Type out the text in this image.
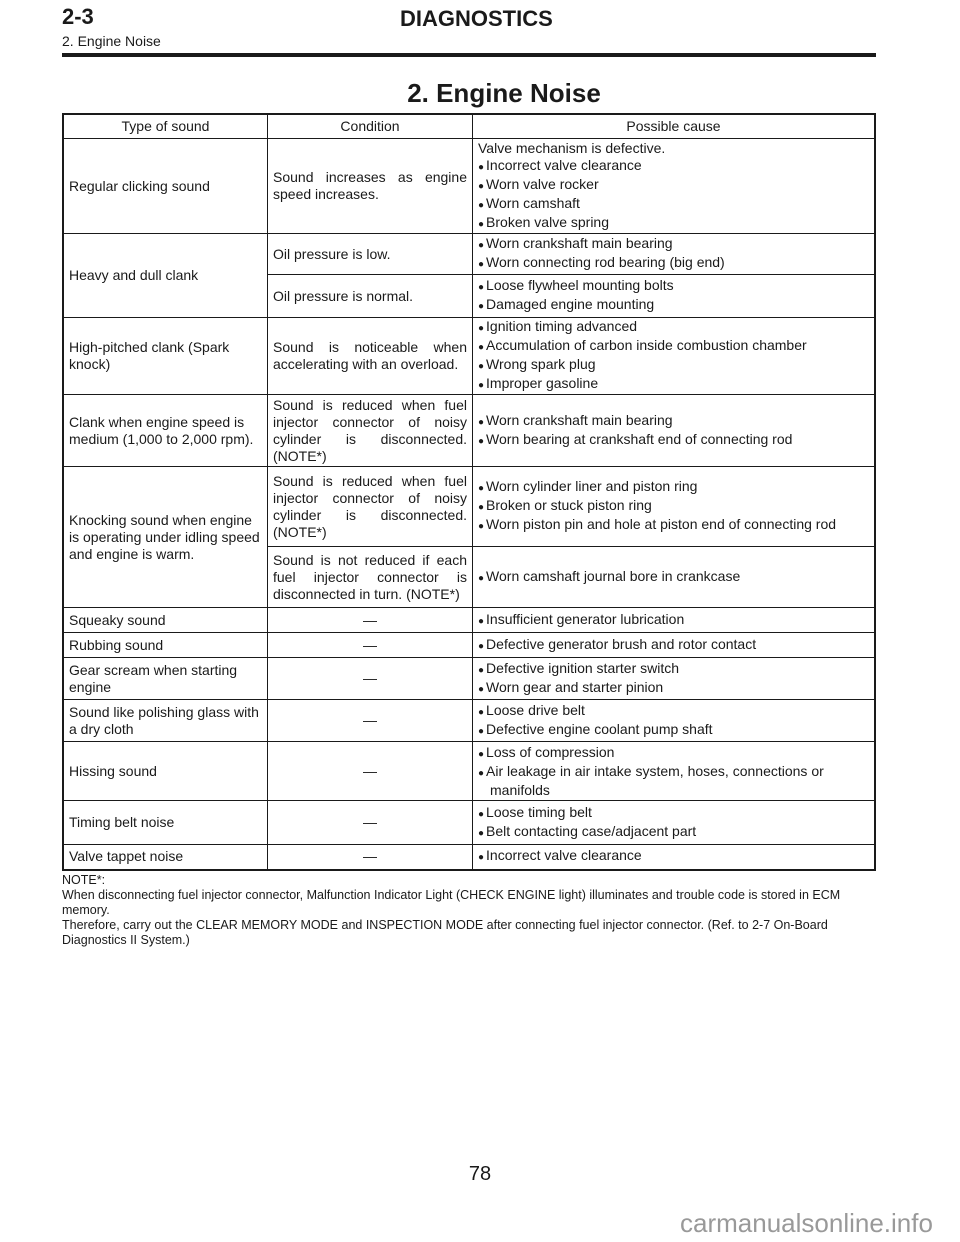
2-3
2. Engine Noise
DIAGNOSTICS
2. Engine Noise
Type of sound	Condition	Possible cause
Regular clicking sound	Sound increases as engine speed increases.	Valve mechanism is defective.
● Incorrect valve clearance
● Worn valve rocker
● Worn camshaft
● Broken valve spring

Heavy and dull clank	Oil pressure is low.	● Worn crankshaft main bearing
● Worn connecting rod bearing (big end)

	Oil pressure is normal.	● Loose flywheel mounting bolts
● Damaged engine mounting

High-pitched clank (Spark knock)	Sound is noticeable when accelerating with an overload.	● Ignition timing advanced
● Accumulation of carbon inside combustion chamber
● Wrong spark plug
● Improper gasoline

Clank when engine speed is medium (1,000 to 2,000 rpm).	Sound is reduced when fuel injector connector of noisy cylinder is disconnected. (NOTE*)	● Worn crankshaft main bearing
● Worn bearing at crankshaft end of connecting rod

Knocking sound when engine is operating under idling speed and engine is warm.	Sound is reduced when fuel injector connector of noisy cylinder is disconnected. (NOTE*)	● Worn cylinder liner and piston ring
● Broken or stuck piston ring
● Worn piston pin and hole at piston end of connecting rod

	Sound is not reduced if each fuel injector connector is disconnected in turn. (NOTE*)	● Worn camshaft journal bore in crankcase

Squeaky sound	—	● Insufficient generator lubrication

Rubbing sound	—	● Defective generator brush and rotor contact

Gear scream when starting engine	—	● Defective ignition starter switch
● Worn gear and starter pinion

Sound like polishing glass with a dry cloth	—	● Loose drive belt
● Defective engine coolant pump shaft

Hissing sound	—	● Loss of compression
● Air leakage in air intake system, hoses, connections or manifolds

Timing belt noise	—	● Loose timing belt
● Belt contacting case/adjacent part

Valve tappet noise	—	● Incorrect valve clearance
NOTE*:
When disconnecting fuel injector connector, Malfunction Indicator Light (CHECK ENGINE light) illuminates and trouble code is stored in ECM memory.
Therefore, carry out the CLEAR MEMORY MODE and INSPECTION MODE after connecting fuel injector connector. (Ref. to 2-7 On-Board Diagnostics II System.)
78
carmanualsonline.info
